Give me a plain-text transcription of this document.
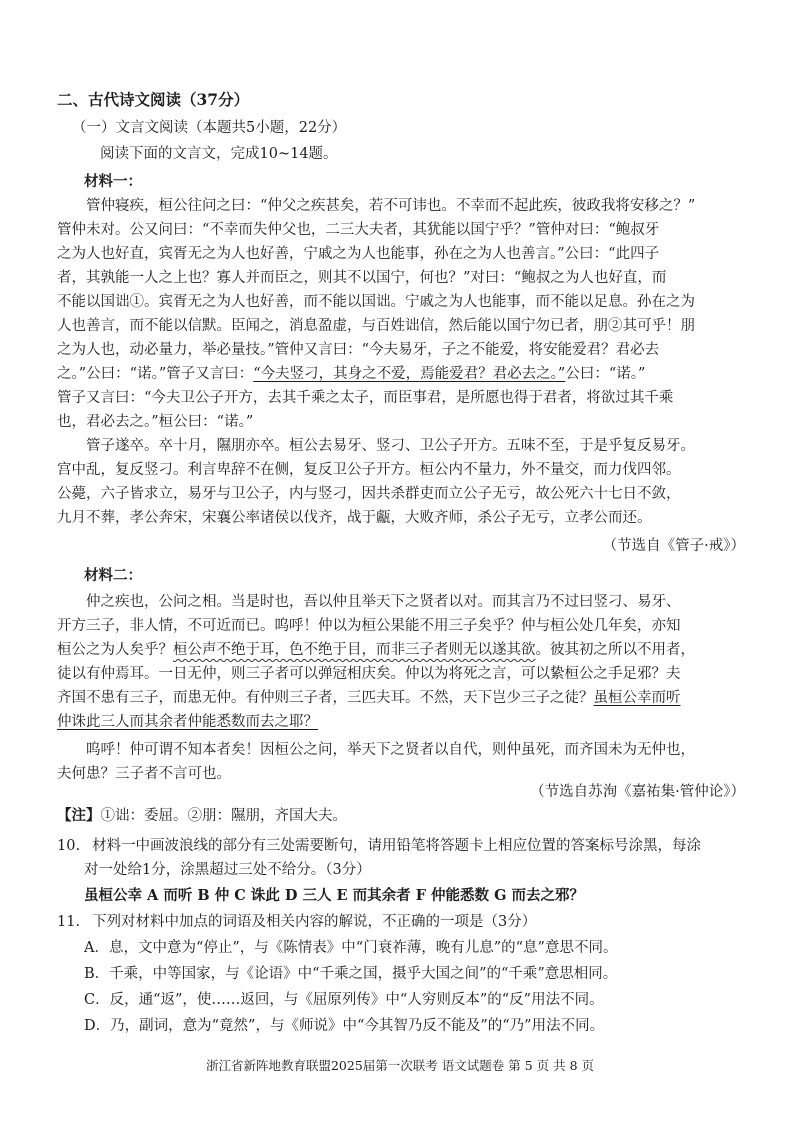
二、古代诗文阅读（37分）
（一）文言文阅读（本题共5小题，22分）
阅读下面的文言文，完成10~14题。
材料一：
管仲寝疾，桓公往问之曰：“仲父之疾甚矣，若不可讳也。不幸而不起此疾，彼政我将安移之？”
管仲未对。公又问曰：“不幸而失仲父也，二三大夫者，其犹能以国宁乎？”管仲对曰：“鲍叔牙
之为人也好直，宾胥无之为人也好善，宁戚之为人也能事，孙在之为人也善言。”公曰：“此四子
者，其孰能一人之上也？寡人并而臣之，则其不以国宁，何也？”对曰：“鲍叔之为人也好直，而
不能以国诎①。宾胥无之为人也好善，而不能以国诎。宁戚之为人也能事，而不能以足息。孙在之为
人也善言，而不能以信默。臣闻之，消息盈虚，与百姓诎信，然后能以国宁勿已者，朋②其可乎！朋
之为人也，动必量力，举必量技。”管仲又言曰：“今夫易牙，子之不能爱，将安能爱君？君必去
之。”公曰：“诺。”管子又言曰：“今夫竖刁，其身之不爱，焉能爱君？君必去之。”公曰：“诺。”
管子又言曰：“今夫卫公子开方，去其千乘之太子，而臣事君，是所愿也得于君者，将欲过其千乘
也，君必去之。”桓公曰：“诺。”
管子遂卒。卒十月，隰朋亦卒。桓公去易牙、竖刁、卫公子开方。五味不至，于是乎复反易牙。
宫中乱，复反竖刁。利言卑辞不在侧，复反卫公子开方。桓公内不量力，外不量交，而力伐四邻。
公薨，六子皆求立，易牙与卫公子，内与竖刁，因共杀群吏而立公子无亏，故公死六十七日不敛，
九月不葬，孝公奔宋，宋襄公率诸侯以伐齐，战于甗，大败齐师，杀公子无亏，立孝公而还。
（节选自《管子·戒》）
材料二：
仲之疾也，公问之相。当是时也，吾以仲且举天下之贤者以对。而其言乃不过曰竖刁、易牙、
开方三子，非人情，不可近而已。呜呼！仲以为桓公果能不用三子矣乎？仲与桓公处几年矣，亦知
桓公之为人矣乎？桓公声不绝于耳，色不绝于目，而非三子者则无以遂其欲。彼其初之所以不用者，
徒以有仲焉耳。一日无仲，则三子者可以弹冠相庆矣。仲以为将死之言，可以絷桓公之手足邪？夫
齐国不患有三子，而患无仲。有仲则三子者，三匹夫耳。不然，天下岂少三子之徒？虽桓公幸而听
仲诛此三人而其余者仲能悉数而去之耶？
呜呼！仲可谓不知本者矣！因桓公之问，举天下之贤者以自代，则仲虽死，而齐国未为无仲也，
夫何患？三子者不言可也。
（节选自苏洵《嘉祐集·管仲论》）
【注】①诎：委屈。②朋：隰朋，齐国大夫。
10. 材料一中画波浪线的部分有三处需要断句，请用铅笔将答题卡上相应位置的答案标号涂黑，每涂
对一处给1分，涂黑超过三处不给分。（3分）
虽桓公幸 A 而听 B 仲 C 诛此 D 三人 E 而其余者 F 仲能悉数 G 而去之邪？
11. 下列对材料中加点的词语及相关内容的解说，不正确的一项是（3分）
A．息，文中意为“停止”，与《陈情表》中“门衰祚薄，晚有儿息”的“息”意思不同。
B．千乘，中等国家，与《论语》中“千乘之国，摄乎大国之间”的“千乘”意思相同。
C．反，通“返”，使……返回，与《屈原列传》中“人穷则反本”的“反”用法不同。
D．乃，副词，意为“竟然”，与《师说》中“今其智乃反不能及”的“乃”用法不同。
浙江省新阵地教育联盟2025届第一次联考 语文试题卷 第 5 页 共 8 页
